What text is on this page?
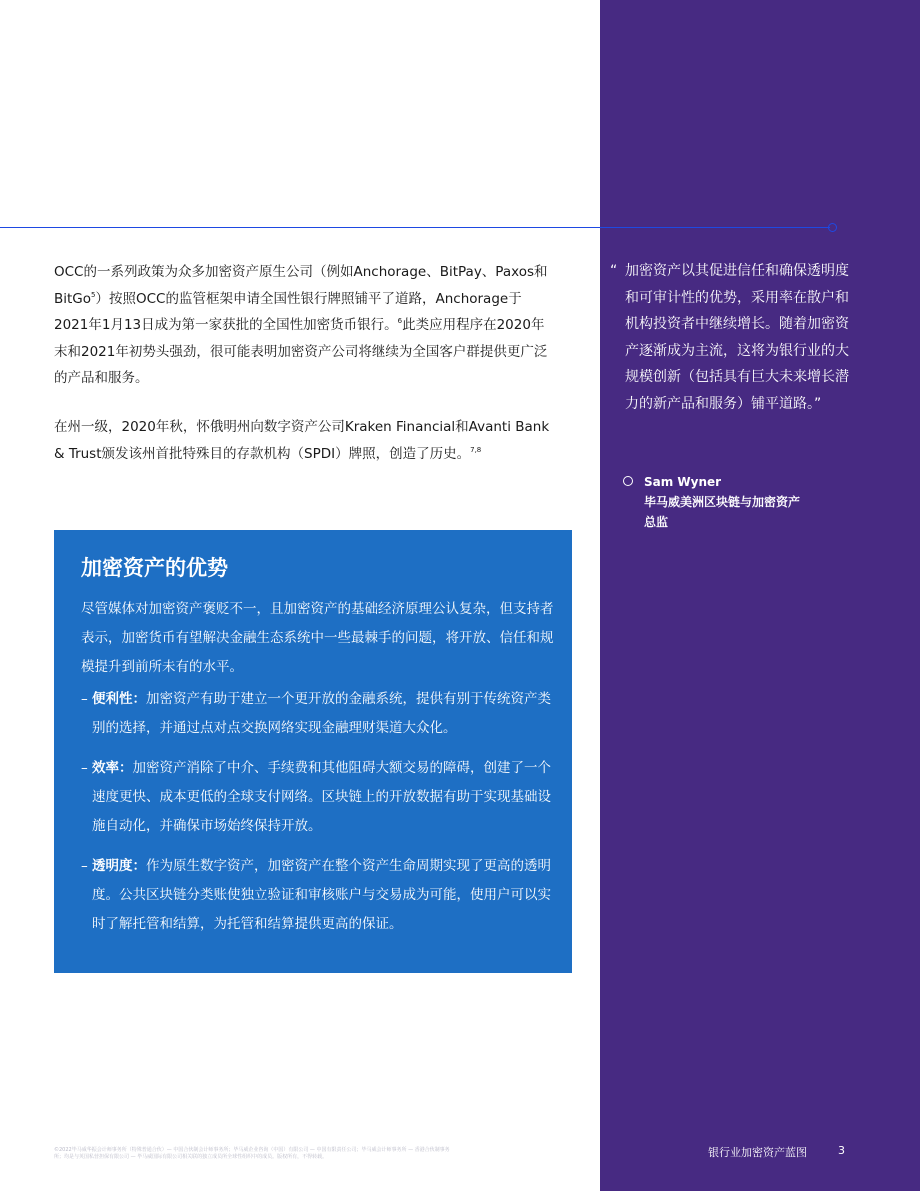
OCC的一系列政策为众多加密资产原生公司（例如Anchorage、BitPay、Paxos和BitGo$^5$）按照OCC的监管框架申请全国性银行牌照铺平了道路，Anchorage于2021年1月13日成为第一家获批的全国性加密货币银行。$^6$此类应用程序在2020年末和2021年初势头强劲，很可能表明加密资产公司将继续为全国客户群提供更广泛的产品和服务。

在州一级，2020年秋，怀俄明州向数字资产公司Kraken Financial和Avanti Bank & Trust颁发该州首批特殊目的存款机构（SPDI）牌照，创造了历史。$^{7,8}$

“ 加密资产以其促进信任和确保透明度和可审计性的优势，采用率在散户和机构投资者中继续增长。随着加密资产逐渐成为主流，这将为银行业的大规模创新（包括具有巨大未来增长潜力的新产品和服务）铺平道路。”
Sam Wyner
毕马威美洲区块链与加密资产
总监
加密资产的优势

尽管媒体对加密资产褒贬不一，且加密资产的基础经济原理公认复杂，但支持者表示，加密货币有望解决金融生态系统中一些最棘手的问题，将开放、信任和规模提升到前所未有的水平。

– 便利性：加密资产有助于建立一个更开放的金融系统，提供有别于传统资产类别的选择，并通过点对点交换网络实现金融理财渠道大众化。
– 效率：加密资产消除了中介、手续费和其他阻碍大额交易的障碍，创建了一个速度更快、成本更低的全球支付网络。区块链上的开放数据有助于实现基础设施自动化，并确保市场始终保持开放。
– 透明度：作为原生数字资产，加密资产在整个资产生命周期实现了更高的透明度。公共区块链分类账使独立验证和审核账户与交易成为可能，使用户可以实时了解托管和结算，为托管和结算提供更高的保证。
©2022毕马威华振会计师事务所（特殊普通合伙）— 中国合伙制会计师事务所；毕马威企业咨询（中国）有限公司 — 中国有限责任公司；毕马威会计师事务所 — 香港合伙制事务所；均是与英国私营担保有限公司 — 毕马威国际有限公司相关联的独立成员所全球性组织中的成员。版权所有，不得转载。	银行业加密资产蓝图	3
